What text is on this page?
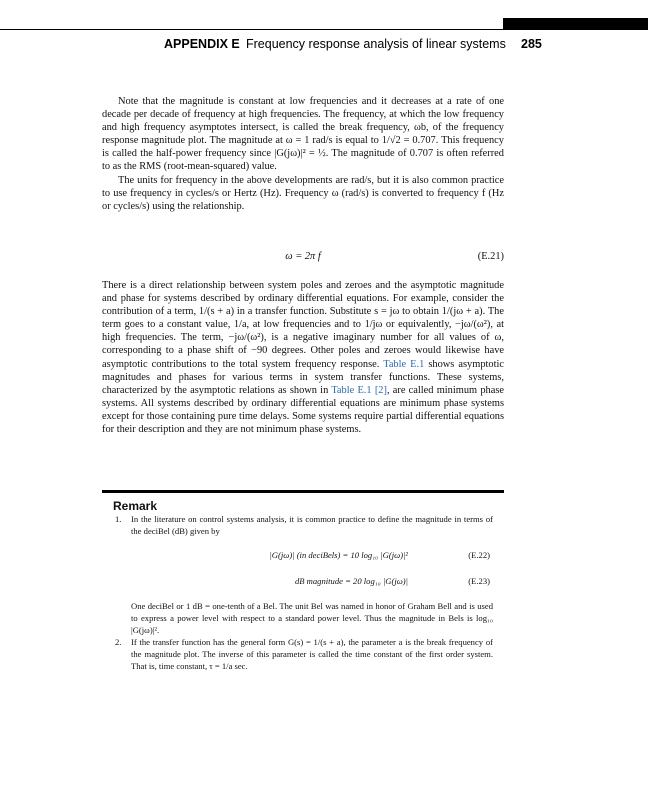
APPENDIX E Frequency response analysis of linear systems 285

Note that the magnitude is constant at low frequencies and it decreases at a rate of one decade per decade of frequency at high frequencies. The frequency, at which the low frequency and high frequency asymptotes intersect, is called the break frequency, ωb, of the frequency response magnitude plot. The magnitude at ω = 1 rad/s is equal to 1/√2 = 0.707. This frequency is called the half-power frequency since |G(jω)|² = ½. The magnitude of 0.707 is often referred to as the RMS (root-mean-squared) value.

The units for frequency in the above developments are rad/s, but it is also common practice to use frequency in cycles/s or Hertz (Hz). Frequency ω (rad/s) is converted to frequency f (Hz or cycles/s) using the relationship.

ω = 2π f	(E.21)

There is a direct relationship between system poles and zeroes and the asymptotic magnitude and phase for systems described by ordinary differential equations. For example, consider the contribution of a term, 1/(s + a) in a transfer function. Substitute s = jω to obtain 1/(jω + a). The term goes to a constant value, 1/a, at low frequencies and to 1/jω or equivalently, −jω/(ω²), at high frequencies. The term, −jω/(ω²), is a negative imaginary number for all values of ω, corresponding to a phase shift of −90 degrees. Other poles and zeroes would likewise have asymptotic contributions to the total system frequency response. Table E.1 shows asymptotic magnitudes and phases for various terms in system transfer functions. These systems, characterized by the asymptotic relations as shown in Table E.1 [2], are called minimum phase systems. All systems described by ordinary differential equations are minimum phase systems except for those containing pure time delays. Some systems require partial differential equations for their description and they are not minimum phase systems.

Remark
1. In the literature on control systems analysis, it is common practice to define the magnitude in terms of the deciBel (dB) given by
|G(jω)| (in deciBels) = 10 log₁₀ |G(jω)|²	(E.22)
dB magnitude = 20 log₁₀ |G(jω)|	(E.23)
One deciBel or 1 dB = one-tenth of a Bel. The unit Bel was named in honor of Graham Bell and is used to express a power level with respect to a standard power level. Thus the magnitude in Bels is log₁₀ |G(jω)|².
2. If the transfer function has the general form G(s) = 1/(s + a), the parameter a is the break frequency of the magnitude plot. The inverse of this parameter is called the time constant of the first order system. That is, time constant, τ = 1/a sec.
